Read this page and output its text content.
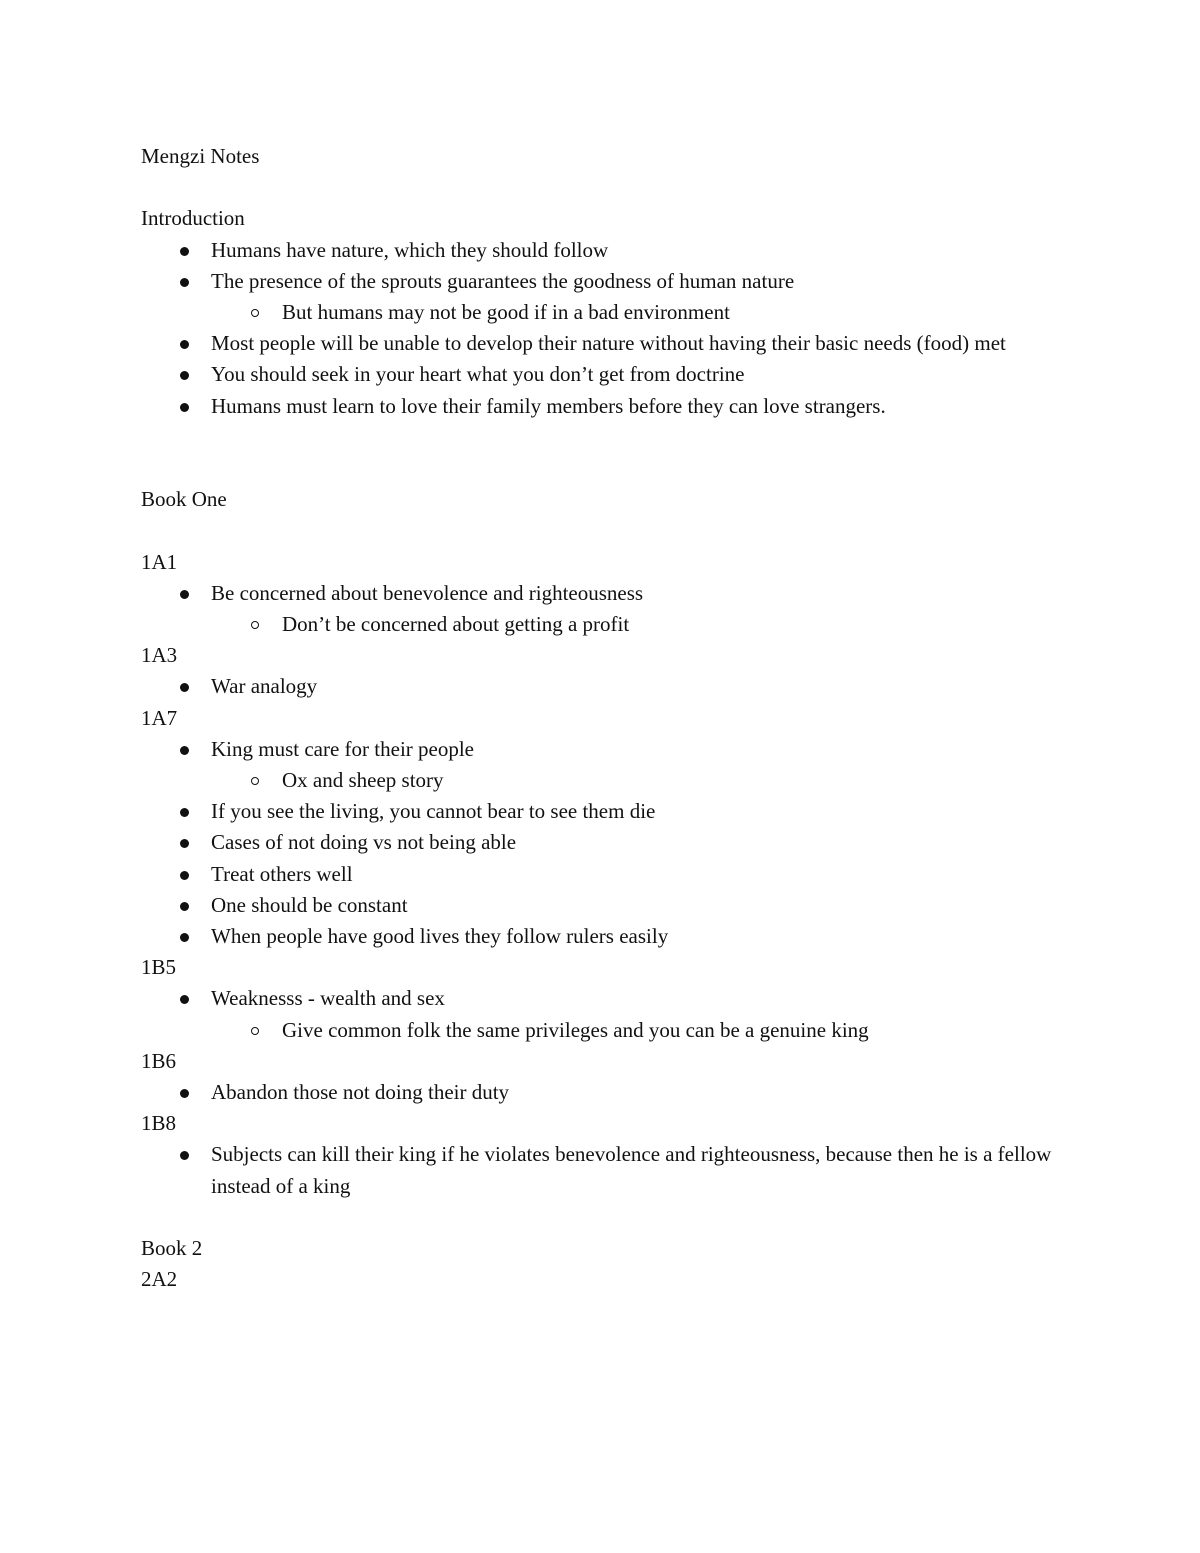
Mengzi Notes
Introduction
Humans have nature, which they should follow
The presence of the sprouts guarantees the goodness of human nature
But humans may not be good if in a bad environment
Most people will be unable to develop their nature without having their basic needs (food) met
You should seek in your heart what you don’t get from doctrine
Humans must learn to love their family members before they can love strangers.
Book One
1A1
Be concerned about benevolence and righteousness
Don’t be concerned about getting a profit
1A3
War analogy
1A7
King must care for their people
Ox and sheep story
If you see the living, you cannot bear to see them die
Cases of not doing vs not being able
Treat others well
One should be constant
When people have good lives they follow rulers easily
1B5
Weaknesss - wealth and sex
Give common folk the same privileges and you can be a genuine king
1B6
Abandon those not doing their duty
1B8
Subjects can kill their king if he violates benevolence and righteousness, because then he is a fellow instead of a king
Book 2
2A2
